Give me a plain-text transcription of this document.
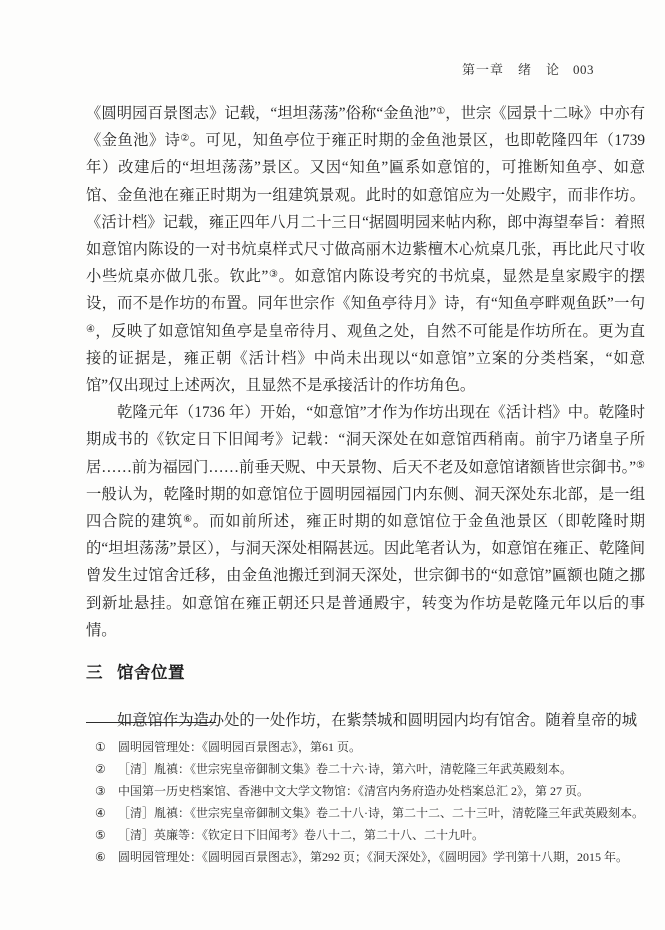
第一章　绪　论 003

《圆明园百景图志》记载，“坦坦荡荡”俗称“金鱼池”①，世宗《园景十二咏》中亦有《金鱼池》诗②。可见，知鱼亭位于雍正时期的金鱼池景区，也即乾隆四年（1739 年）改建后的“坦坦荡荡”景区。又因“知鱼”匾系如意馆的，可推断知鱼亭、如意馆、金鱼池在雍正时期为一组建筑景观。此时的如意馆应为一处殿宇，而非作坊。《活计档》记载，雍正四年八月二十三日“据圆明园来帖内称，郎中海望奉旨：着照如意馆内陈设的一对书炕桌样式尺寸做高丽木边紫檀木心炕桌几张，再比此尺寸收小些炕桌亦做几张。钦此”③。如意馆内陈设考究的书炕桌，显然是皇家殿宇的摆设，而不是作坊的布置。同年世宗作《知鱼亭待月》诗，有“知鱼亭畔观鱼跃”一句④，反映了如意馆知鱼亭是皇帝待月、观鱼之处，自然不可能是作坊所在。更为直接的证据是，雍正朝《活计档》中尚未出现以“如意馆”立案的分类档案，“如意馆”仅出现过上述两次，且显然不是承接活计的作坊角色。

乾隆元年（1736 年）开始，“如意馆”才作为作坊出现在《活计档》中。乾隆时期成书的《钦定日下旧闻考》记载：“洞天深处在如意馆西稍南。前宇乃诸皇子所居……前为福园门……前垂天贶、中天景物、后天不老及如意馆诸额皆世宗御书。”⑤一般认为，乾隆时期的如意馆位于圆明园福园门内东侧、洞天深处东北部，是一组四合院的建筑⑥。而如前所述，雍正时期的如意馆位于金鱼池景区（即乾隆时期的“坦坦荡荡”景区），与洞天深处相隔甚远。因此笔者认为，如意馆在雍正、乾隆间曾发生过馆舍迁移，由金鱼池搬迁到洞天深处，世宗御书的“如意馆”匾额也随之挪到新址悬挂。如意馆在雍正朝还只是普通殿宇，转变为作坊是乾隆元年以后的事情。

三 馆舍位置

如意馆作为造办处的一处作坊，在紫禁城和圆明园内均有馆舍。随着皇帝的城

①	圆明园管理处：《圆明园百景图志》，第61 页。
②	［清］胤禛：《世宗宪皇帝御制文集》卷二十六·诗，第六叶，清乾隆三年武英殿刻本。
③	中国第一历史档案馆、香港中文大学文物馆：《清宫内务府造办处档案总汇 2》，第 27 页。
④	［清］胤禛：《世宗宪皇帝御制文集》卷二十八·诗，第二十二、二十三叶，清乾隆三年武英殿刻本。
⑤	［清］英廉等：《钦定日下旧闻考》卷八十二，第二十八、二十九叶。
⑥	圆明园管理处：《圆明园百景图志》，第292 页；《洞天深处》，《圆明园》学刊第十八期，2015 年。
